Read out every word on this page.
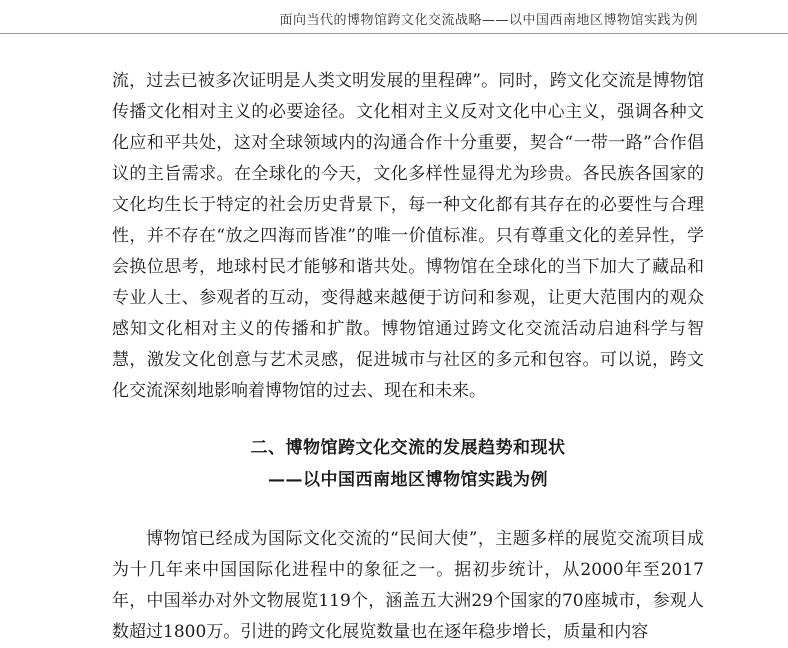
面向当代的博物馆跨文化交流战略——以中国西南地区博物馆实践为例

流，过去已被多次证明是人类文明发展的里程碑”。同时，跨文化交流是博物馆传播文化相对主义的必要途径。文化相对主义反对文化中心主义，强调各种文化应和平共处，这对全球领域内的沟通合作十分重要，契合“一带一路”合作倡议的主旨需求。在全球化的今天，文化多样性显得尤为珍贵。各民族各国家的文化均生长于特定的社会历史背景下，每一种文化都有其存在的必要性与合理性，并不存在“放之四海而皆准”的唯一价值标准。只有尊重文化的差异性，学会换位思考，地球村民才能够和谐共处。博物馆在全球化的当下加大了藏品和专业人士、参观者的互动，变得越来越便于访问和参观，让更大范围内的观众感知文化相对主义的传播和扩散。博物馆通过跨文化交流活动启迪科学与智慧，激发文化创意与艺术灵感，促进城市与社区的多元和包容。可以说，跨文化交流深刻地影响着博物馆的过去、现在和未来。

二、博物馆跨文化交流的发展趋势和现状
——以中国西南地区博物馆实践为例

博物馆已经成为国际文化交流的“民间大使”，主题多样的展览交流项目成为十几年来中国国际化进程中的象征之一。据初步统计，从2000年至2017年，中国举办对外文物展览119个，涵盖五大洲29个国家的70座城市，参观人数超过1800万。引进的跨文化展览数量也在逐年稳步增长，质量和内容
